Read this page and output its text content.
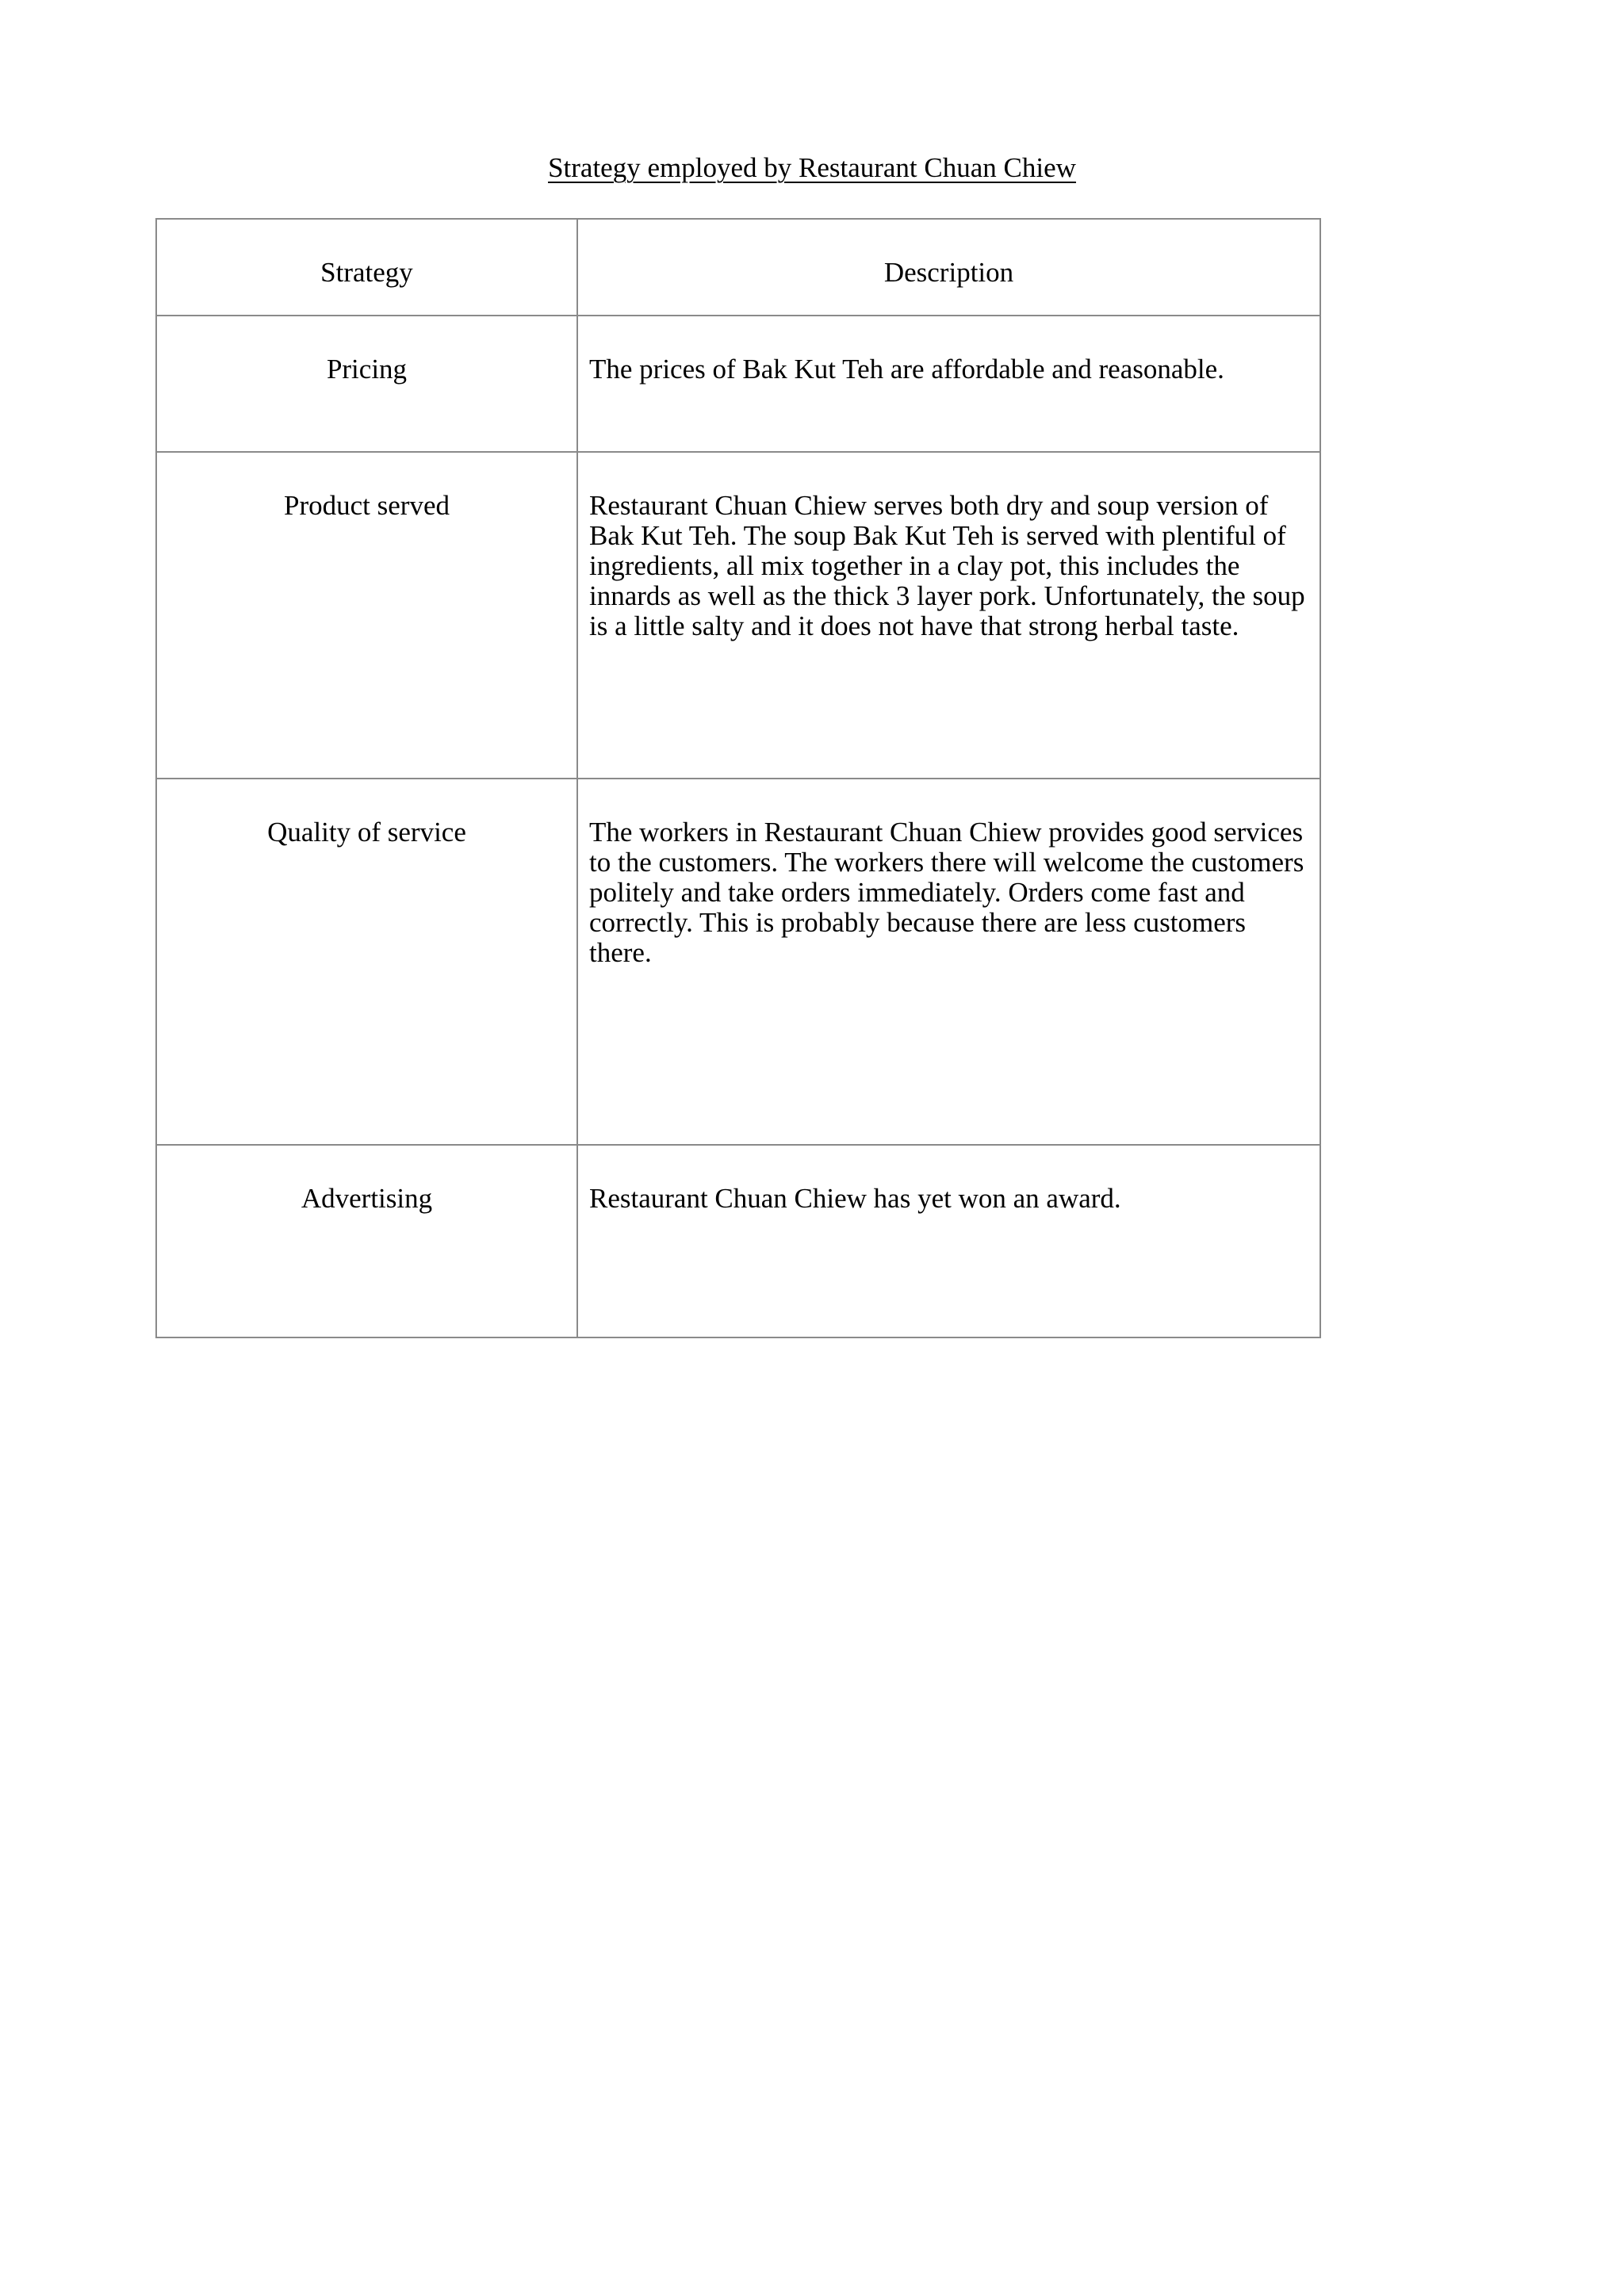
Strategy employed by Restaurant Chuan Chiew
Strategy	Description

Pricing	The prices of Bak Kut Teh are affordable and reasonable.

Product served	Restaurant Chuan Chiew serves both dry and soup version of Bak Kut Teh. The soup Bak Kut Teh is served with plentiful of ingredients, all mix together in a clay pot, this includes the innards as well as the thick 3 layer pork. Unfortunately, the soup is a little salty and it does not have that strong herbal taste.

Quality of service	The workers in Restaurant Chuan Chiew provides good services to the customers. The workers there will welcome the customers politely and take orders immediately. Orders come fast and correctly. This is probably because there are less customers there.

Advertising	Restaurant Chuan Chiew has yet won an award.
